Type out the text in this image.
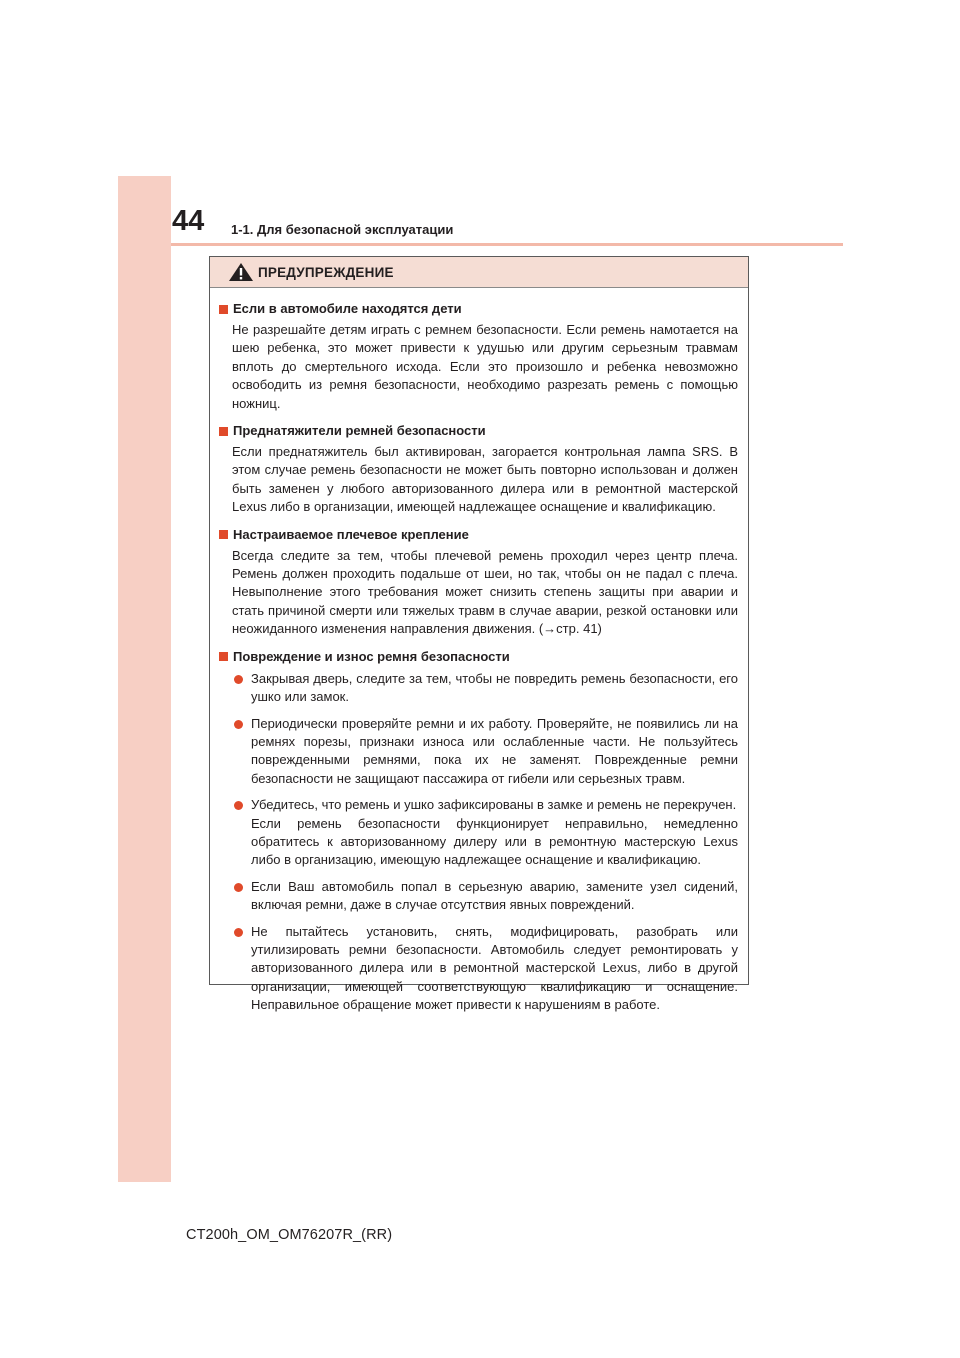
44 1-1. Для безопасной эксплуатации
ПРЕДУПРЕЖДЕНИЕ
Если в автомобиле находятся дети
Не разрешайте детям играть с ремнем безопасности. Если ремень намотается на шею ребенка, это может привести к удушью или другим серьезным травмам вплоть до смертельного исхода. Если это произошло и ребенка невозможно освободить из ремня безопасности, необходимо разрезать ремень с помощью ножниц.
Преднатяжители ремней безопасности
Если преднатяжитель был активирован, загорается контрольная лампа SRS. В этом случае ремень безопасности не может быть повторно использован и должен быть заменен у любого авторизованного дилера или в ремонтной мастерской Lexus либо в организации, имеющей надлежащее оснащение и квалификацию.
Настраиваемое плечевое крепление
Всегда следите за тем, чтобы плечевой ремень проходил через центр плеча. Ремень должен проходить подальше от шеи, но так, чтобы он не падал с плеча. Невыполнение этого требования может снизить степень защиты при аварии и стать причиной смерти или тяжелых травм в случае аварии, резкой остановки или неожиданного изменения направления движения. (→стр. 41)
Повреждение и износ ремня безопасности
Закрывая дверь, следите за тем, чтобы не повредить ремень безопасности, его ушко или замок.
Периодически проверяйте ремни и их работу. Проверяйте, не появились ли на ремнях порезы, признаки износа или ослабленные части. Не пользуйтесь поврежденными ремнями, пока их не заменят. Поврежденные ремни безопасности не защищают пассажира от гибели или серьезных травм.
Убедитесь, что ремень и ушко зафиксированы в замке и ремень не перекручен.
Если ремень безопасности функционирует неправильно, немедленно обратитесь к авторизованному дилеру или в ремонтную мастерскую Lexus либо в организацию, имеющую надлежащее оснащение и квалификацию.
Если Ваш автомобиль попал в серьезную аварию, замените узел сидений, включая ремни, даже в случае отсутствия явных повреждений.
Не пытайтесь установить, снять, модифицировать, разобрать или утилизировать ремни безопасности. Автомобиль следует ремонтировать у авторизованного дилера или в ремонтной мастерской Lexus, либо в другой организации, имеющей соответствующую квалификацию и оснащение. Неправильное обращение может привести к нарушениям в работе.
CT200h_OM_OM76207R_(RR)
